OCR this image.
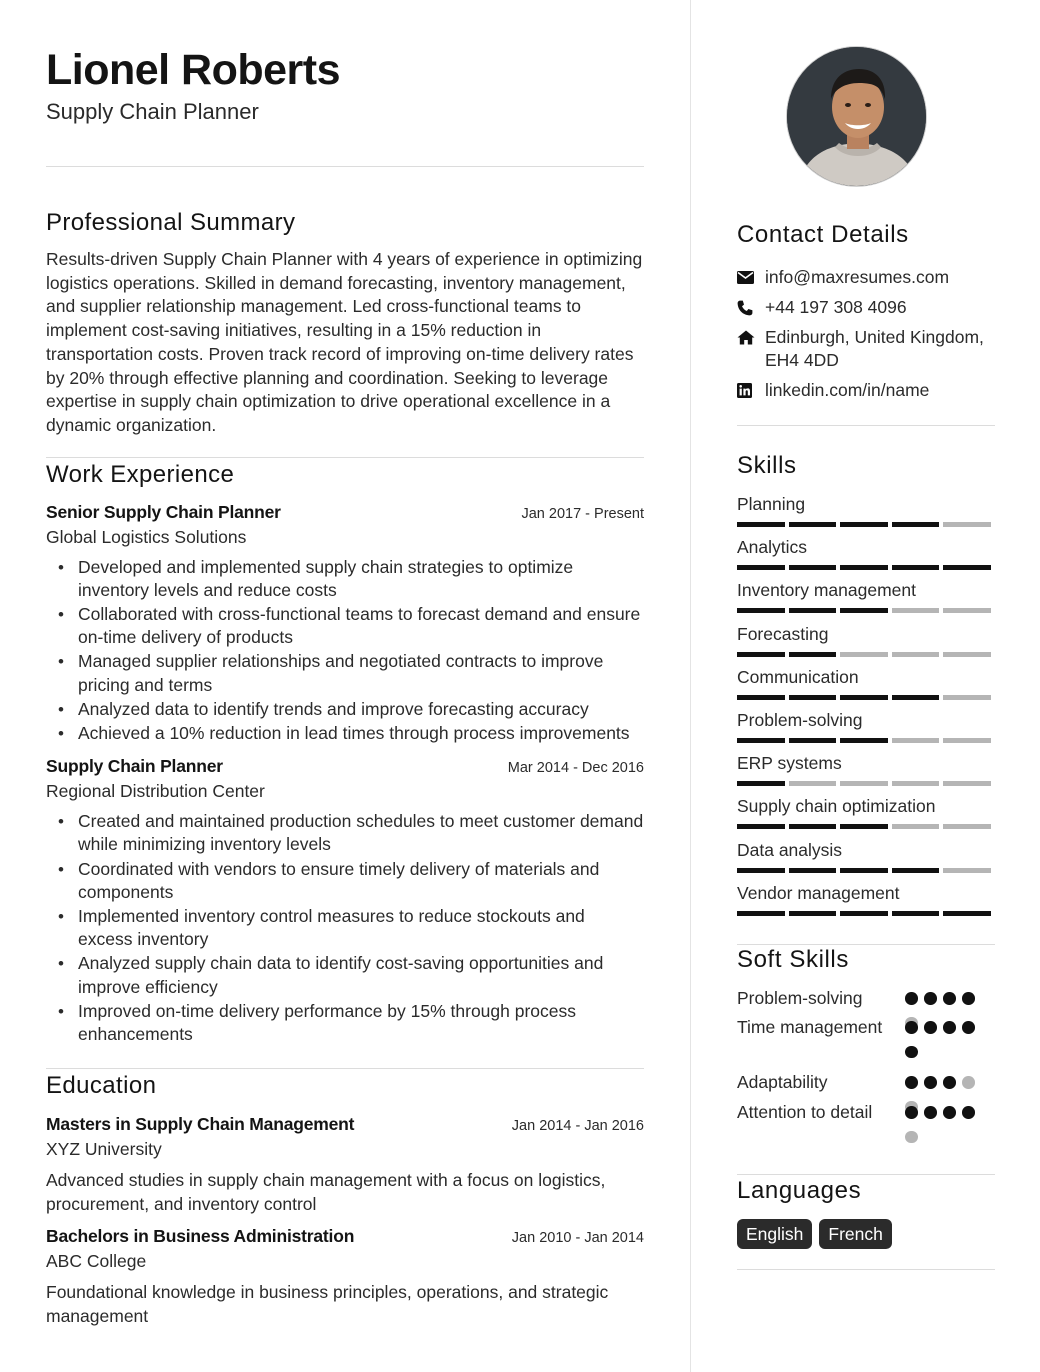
Lionel Roberts
Supply Chain Planner
Professional Summary

Results-driven Supply Chain Planner with 4 years of experience in optimizing logistics operations. Skilled in demand forecasting, inventory management, and supplier relationship management. Led cross-functional teams to implement cost-saving initiatives, resulting in a 15% reduction in transportation costs. Proven track record of improving on-time delivery rates by 20% through effective planning and coordination. Seeking to leverage expertise in supply chain optimization to drive operational excellence in a dynamic organization.

Work Experience
Senior Supply Chain Planner	Jan 2017 - Present
Global Logistics Solutions
• Developed and implemented supply chain strategies to optimize inventory levels and reduce costs
• Collaborated with cross-functional teams to forecast demand and ensure on-time delivery of products
• Managed supplier relationships and negotiated contracts to improve pricing and terms
• Analyzed data to identify trends and improve forecasting accuracy
• Achieved a 10% reduction in lead times through process improvements
Supply Chain Planner	Mar 2014 - Dec 2016
Regional Distribution Center
• Created and maintained production schedules to meet customer demand while minimizing inventory levels
• Coordinated with vendors to ensure timely delivery of materials and components
• Implemented inventory control measures to reduce stockouts and excess inventory
• Analyzed supply chain data to identify cost-saving opportunities and improve efficiency
• Improved on-time delivery performance by 15% through process enhancements
Education
Masters in Supply Chain Management	Jan 2014 - Jan 2016
XYZ University

Advanced studies in supply chain management with a focus on logistics, procurement, and inventory control

Bachelors in Business Administration	Jan 2010 - Jan 2014
ABC College

Foundational knowledge in business principles, operations, and strategic management

Contact Details
info@maxresumes.com
+44 197 308 4096
Edinburgh, United Kingdom,
EH4 4DD
linkedin.com/in/name
Skills
Planning
Analytics
Inventory management
Forecasting
Communication
Problem-solving
ERP systems
Supply chain optimization
Data analysis
Vendor management
Soft Skills
Problem-solving
Time management
Adaptability
Attention to detail
Languages
English	French
